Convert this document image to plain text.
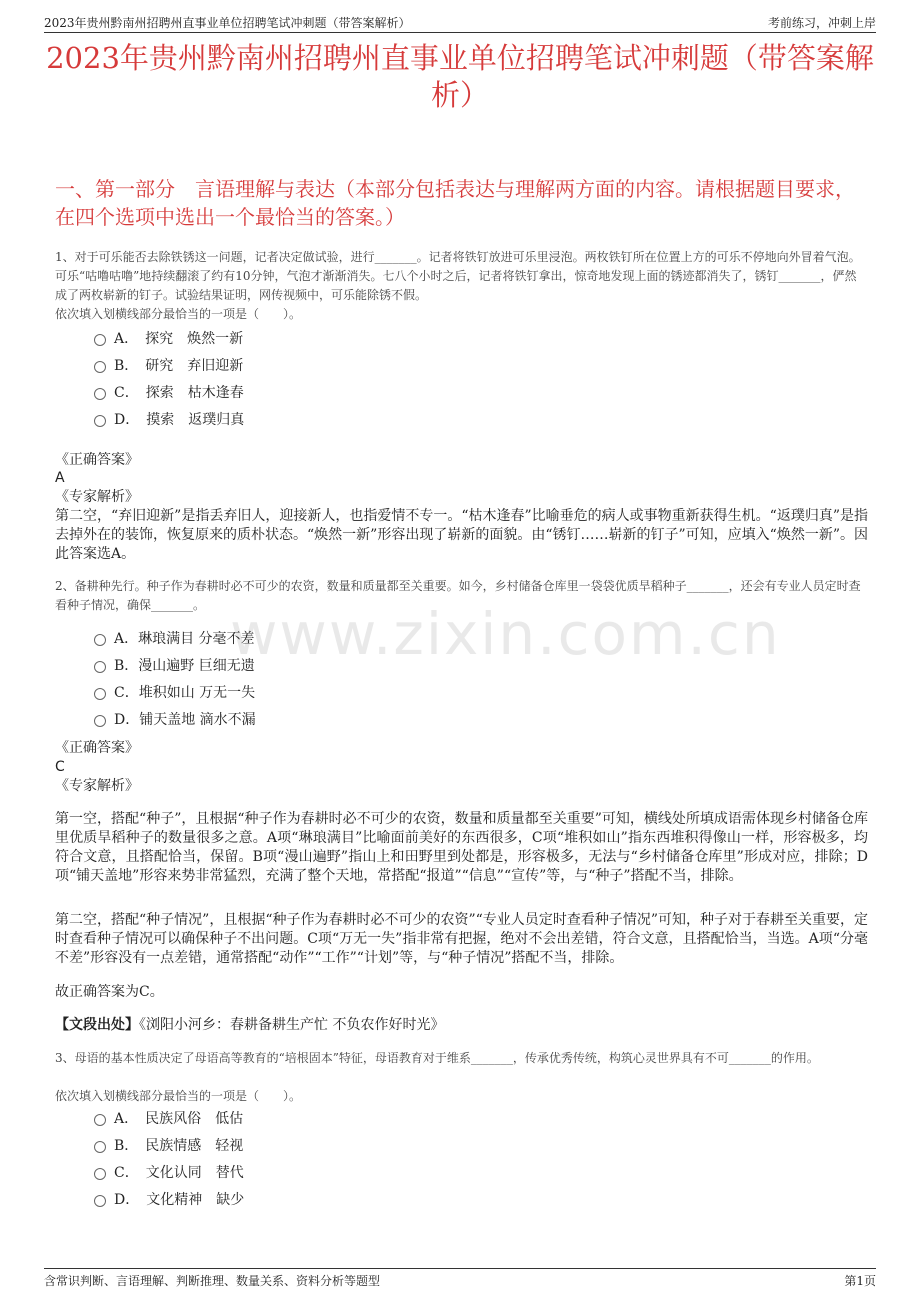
2023年贵州黔南州招聘州直事业单位招聘笔试冲刺题（带答案解析）	考前练习，冲刺上岸
2023年贵州黔南州招聘州直事业单位招聘笔试冲刺题（带答案解析）
一、第一部分　言语理解与表达（本部分包括表达与理解两方面的内容。请根据题目要求，在四个选项中选出一个最恰当的答案。）
www.zixin.com.cn
1、对于可乐能否去除铁锈这一问题，记者决定做试验，进行_______。记者将铁钉放进可乐里浸泡。两枚铁钉所在位置上方的可乐不停地向外冒着气泡。可乐“咕噜咕噜”地持续翻滚了约有10分钟，气泡才渐渐消失。七八个小时之后，记者将铁钉拿出，惊奇地发现上面的锈迹都消失了，锈钉_______，俨然成了两枚崭新的钉子。试验结果证明，网传视频中，可乐能除锈不假。
依次填入划横线部分最恰当的一项是（　　）。
A．　探究　焕然一新
B．　研究　弃旧迎新
C．　探索　枯木逢春
D．　摸索　返璞归真
《正确答案》
A
《专家解析》
第二空，“弃旧迎新”是指丢弃旧人，迎接新人，也指爱情不专一。“枯木逢春”比喻垂危的病人或事物重新获得生机。“返璞归真”是指去掉外在的装饰，恢复原来的质朴状态。“焕然一新”形容出现了崭新的面貌。由“锈钉……崭新的钉子”可知，应填入“焕然一新”。因此答案选A。
2、备耕种先行。种子作为春耕时必不可少的农资，数量和质量都至关重要。如今，乡村储备仓库里一袋袋优质旱稻种子_______，还会有专业人员定时查看种子情况，确保_______。
A．琳琅满目 分毫不差
B．漫山遍野 巨细无遗
C．堆积如山 万无一失
D．铺天盖地 滴水不漏
《正确答案》
C
《专家解析》
第一空，搭配“种子”，且根据“种子作为春耕时必不可少的农资，数量和质量都至关重要”可知，横线处所填成语需体现乡村储备仓库里优质旱稻种子的数量很多之意。A项“琳琅满目”比喻面前美好的东西很多，C项“堆积如山”指东西堆积得像山一样，形容极多，均符合文意，且搭配恰当，保留。B项“漫山遍野”指山上和田野里到处都是，形容极多，无法与“乡村储备仓库里”形成对应，排除；D项“铺天盖地”形容来势非常猛烈，充满了整个天地，常搭配“报道”“信息”“宣传”等，与“种子”搭配不当，排除。
第二空，搭配“种子情况”，且根据“种子作为春耕时必不可少的农资”“专业人员定时查看种子情况”可知，种子对于春耕至关重要，定时查看种子情况可以确保种子不出问题。C项“万无一失”指非常有把握，绝对不会出差错，符合文意，且搭配恰当，当选。A项“分毫不差”形容没有一点差错，通常搭配“动作”“工作”“计划”等，与“种子情况”搭配不当，排除。
故正确答案为C。
【文段出处】《浏阳小河乡：春耕备耕生产忙 不负农作好时光》
3、母语的基本性质决定了母语高等教育的“培根固本”特征，母语教育对于维系_______，传承优秀传统，构筑心灵世界具有不可_______的作用。
依次填入划横线部分最恰当的一项是（　　）。
A．　民族风俗　低估
B．　民族情感　轻视
C．　文化认同　替代
D．　文化精神　缺少
含常识判断、言语理解、判断推理、数量关系、资料分析等题型	第1页
